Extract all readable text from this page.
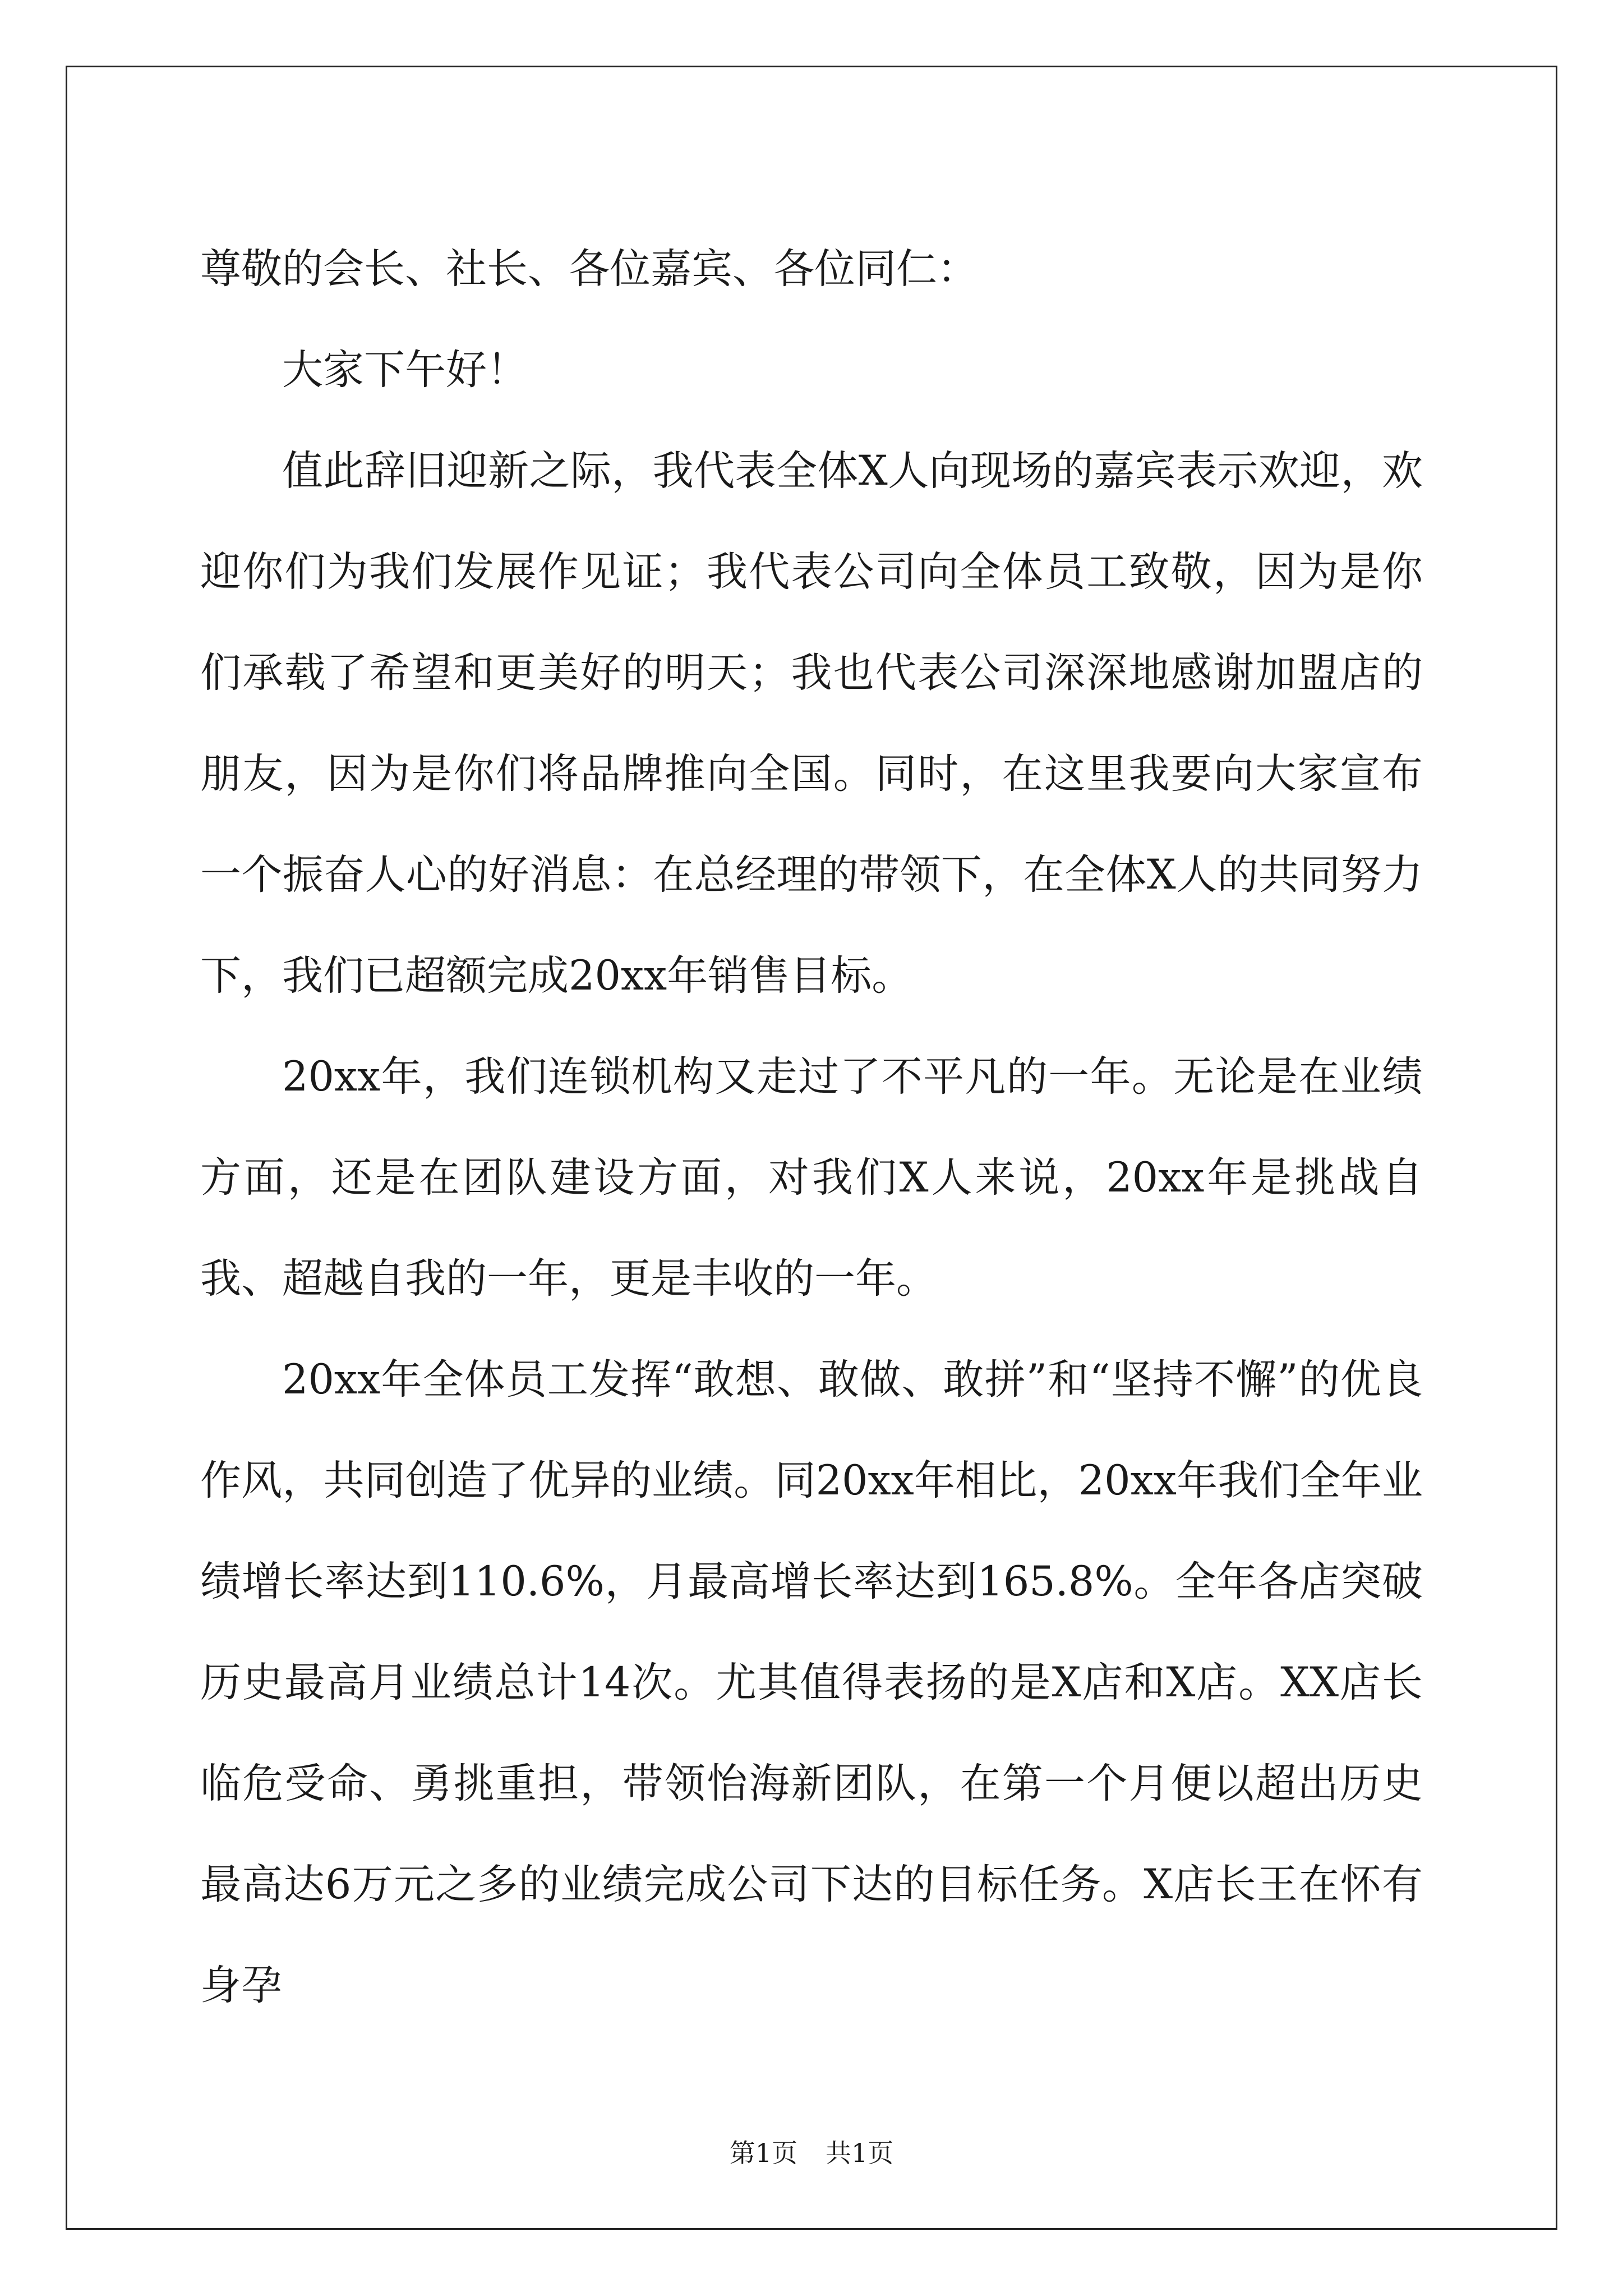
尊敬的会长、社长、各位嘉宾、各位同仁：

大家下午好！

值此辞旧迎新之际，我代表全体X人向现场的嘉宾表示欢迎，欢迎你们为我们发展作见证；我代表公司向全体员工致敬，因为是你们承载了希望和更美好的明天；我也代表公司深深地感谢加盟店的朋友，因为是你们将品牌推向全国。同时，在这里我要向大家宣布一个振奋人心的好消息：在总经理的带领下，在全体X人的共同努力下，我们已超额完成20xx年销售目标。

20xx年，我们连锁机构又走过了不平凡的一年。无论是在业绩方面，还是在团队建设方面，对我们X人来说，20xx年是挑战自我、超越自我的一年，更是丰收的一年。

20xx年全体员工发挥“敢想、敢做、敢拼”和“坚持不懈”的优良作风，共同创造了优异的业绩。同20xx年相比，20xx年我们全年业绩增长率达到110.6%，月最高增长率达到165.8%。全年各店突破历史最高月业绩总计14次。尤其值得表扬的是X店和X店。XX店长临危受命、勇挑重担，带领怡海新团队，在第一个月便以超出历史最高达6万元之多的业绩完成公司下达的目标任务。X店长王在怀有身孕

第1页 共1页
